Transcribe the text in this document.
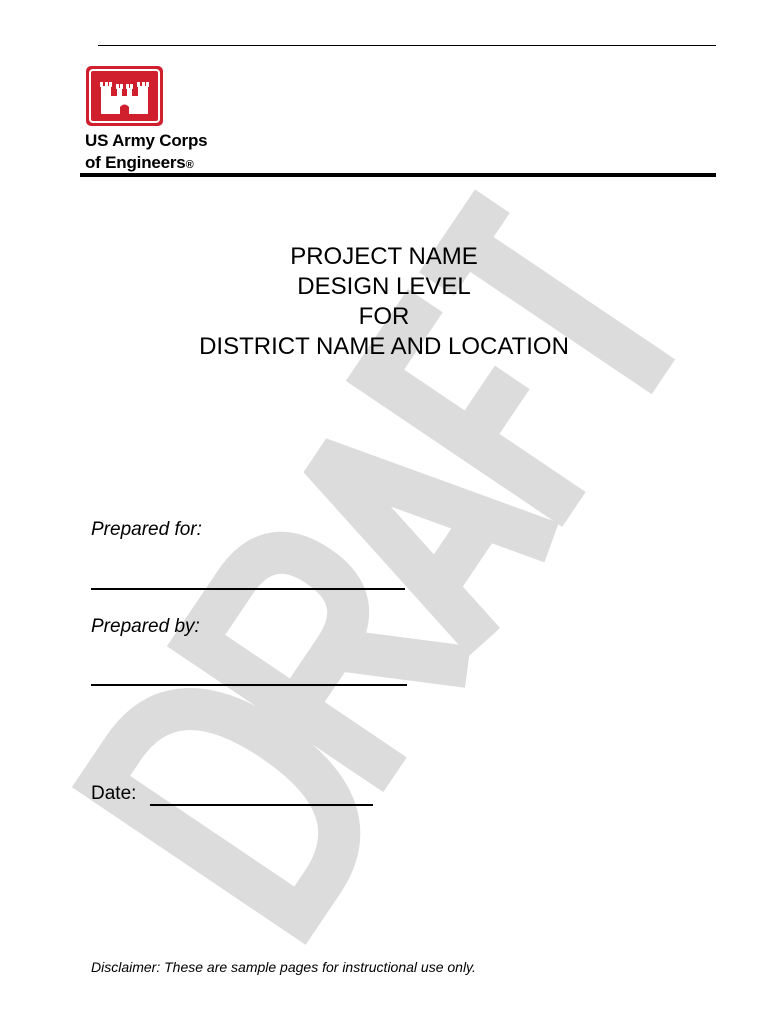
US Army Corps
of Engineers®
PROJECT NAME
DESIGN LEVEL
FOR
DISTRICT NAME AND LOCATION
Prepared for:
Prepared by:
Date:
Disclaimer: These are sample pages for instructional use only.
